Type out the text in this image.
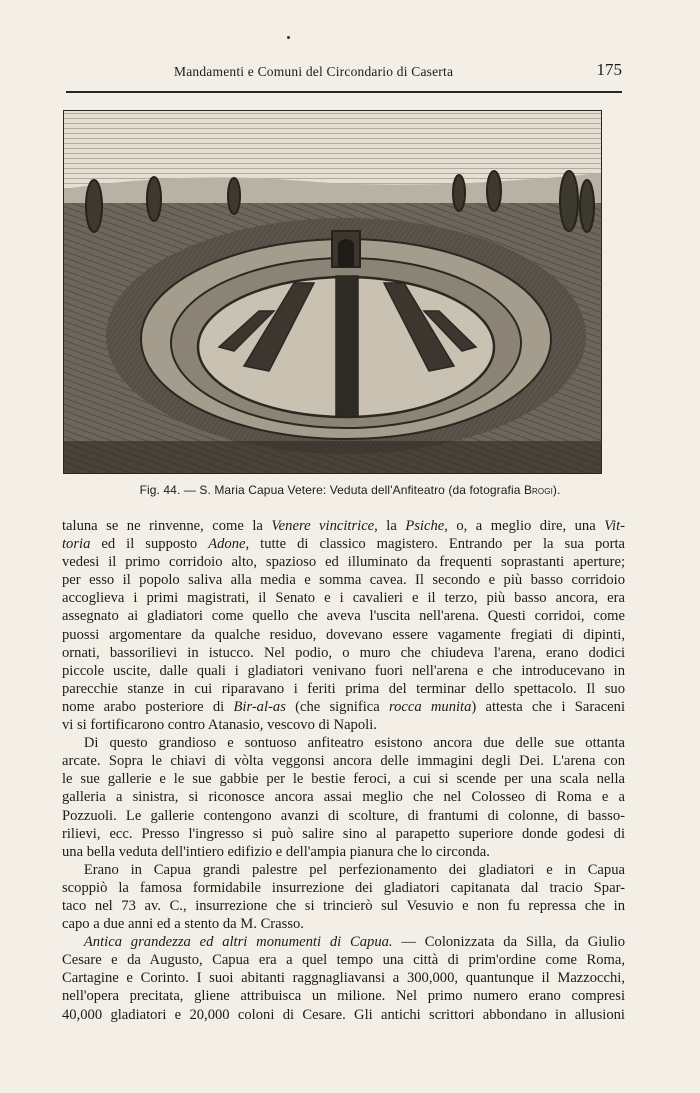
Mandamenti e Comuni del Circondario di Caserta	175
Fig. 44. — S. Maria Capua Vetere: Veduta dell'Anfiteatro (da fotografia Brogi).

taluna se ne rinvenne, come la Venere vincitrice, la Psiche, o, a meglio dire, una Vit-

toria ed il supposto Adone, tutte di classico magistero. Entrando per la sua porta

vedesi il primo corridoio alto, spazioso ed illuminato da frequenti soprastanti aperture;

per esso il popolo saliva alla media e somma cavea. Il secondo e più basso corridoio

accoglieva i primi magistrati, il Senato e i cavalieri e il terzo, più basso ancora, era

assegnato ai gladiatori come quello che aveva l'uscita nell'arena. Questi corridoi, come

puossi argomentare da qualche residuo, dovevano essere vagamente fregiati di dipinti,

ornati, bassorilievi in istucco. Nel podio, o muro che chiudeva l'arena, erano dodici

piccole uscite, dalle quali i gladiatori venivano fuori nell'arena e che introducevano in

parecchie stanze in cui riparavano i feriti prima del terminar dello spettacolo. Il suo

nome arabo posteriore di Bir-al-as (che significa rocca munita) attesta che i Saraceni

vi si fortificarono contro Atanasio, vescovo di Napoli.

  Di questo grandioso e sontuoso anfiteatro esistono ancora due delle sue ottanta

arcate. Sopra le chiavi di vòlta veggonsi ancora delle immagini degli Dei. L'arena con

le sue gallerie e le sue gabbie per le bestie feroci, a cui si scende per una scala nella

galleria a sinistra, si riconosce ancora assai meglio che nel Colosseo di Roma e a

Pozzuoli. Le gallerie contengono avanzi di scolture, di frantumi di colonne, di basso-

rilievi, ecc. Presso l'ingresso si può salire sino al parapetto superiore donde godesi di

una bella veduta dell'intiero edifizio e dell'ampia pianura che lo circonda.

  Erano in Capua grandi palestre pel perfezionamento dei gladiatori e in Capua

scoppiò la famosa formidabile insurrezione dei gladiatori capitanata dal tracio Spar-

taco nel 73 av. C., insurrezione che si trincierò sul Vesuvio e non fu repressa che in

capo a due anni ed a stento da M. Crasso.

  Antica grandezza ed altri monumenti di Capua. — Colonizzata da Silla, da Giulio

Cesare e da Augusto, Capua era a quel tempo una città di prim'ordine come Roma,

Cartagine e Corinto. I suoi abitanti raggnagliavansi a 300,000, quantunque il Mazzocchi,

nell'opera precitata, gliene attribuisca un milione. Nel primo numero erano compresi

40,000 gladiatori e 20,000 coloni di Cesare. Gli antichi scrittori abbondano in allusioni
